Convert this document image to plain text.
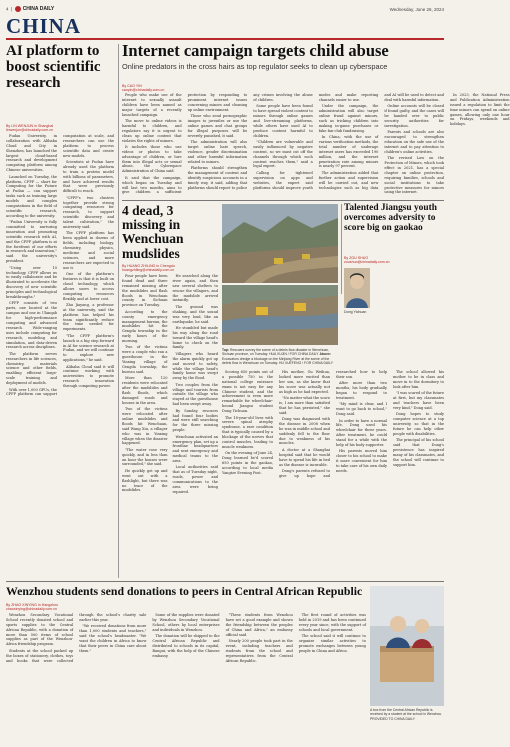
4  |  CHINA DAILY	Wednesday, June 26, 2024
CHINA
AI platform to boost scientific research
By LIN WENJUN in Shanghai
linwenjun@chinadaily.com.cn

Fudan University, in collaboration with Alibaba Cloud and City in Shenzhen, has launched the largest cloud-based research and development computing platform among Chinese universities.

Launched on Tuesday, the platform, CFFF — short for Computing for the Future at Fudan — can support tasks such as training large models and complex computations in the field of scientific research, according to the university.

"Fudan University is fully committed to nurturing innovation and promoting scientific research with AI, and the CFFF platform is at the forefront of our efforts in research and innovation," said the university's president.

"Using over 10 technology, CFFF allows us to easily collaborate and be illustrated to accelerate the discovery of new scientific principles and technological breakthroughs."

CFFF consists of two parts, one located at the campus and one in Ulanqab for high-performance computing and advanced research. Wide-ranging uses include computing for research, modeling and simulation, and data-driven research across disciplines.

The platform serves researchers in life sciences, chemistry, materials science and other fields, enabling efficient large-scale training and deployment of models.

With over 1,000 GPUs, the CFFF platform can support computation at scale, and researchers can use the platform to process scientific data and create new models.

Scientists at Fudan have already used the platform to train a protein model with billions of parameters, and have achieved results that were previously difficult to reach.

"CFFF's two clusters together provide strong computing resources for research, to support scientific discovery and talent cultivation," the university said.

The CFFF platform has been applied in dozens of fields, including biology, chemistry, physics, medicine and social sciences, and more researchers are expected to use it.

One of the platform's features is that it is built on cloud technology, which allows users to access computing resources flexibly and at lower cost.

Zhu Jiayang, a professor at the university, said the platform has helped his team significantly reduce the time needed for experiments.

"The CFFF platform's launch is a big step forward in AI for science research at Fudan, and we will continue to explore new applications," he said.

Alibaba Cloud said it will continue working with universities to promote research innovation through computing power.

Internet campaign targets child abuse
Online predators in the cross hairs as top regulator seeks to clean up cyberspace
By CAO YIN
caoyin@chinadaily.com.cn

People who make use of the internet to sexually assault children have been named as major targets of a recently launched campaign.

The move to online videos is harmful to children, and regulators say it is urgent to clean up online content that violates the rights of minors.

It includes those who use videos or photos to take advantage of children, or lure them into illegal acts or sexual abuse, the Cyberspace Administration of China said.

It said that the campaign, which began on Tuesday and will last two months, aims to give children a sufficient protection by responding to prominent internet issues concerning minors and cleaning up online environment.

Those who send pornographic images to juveniles or use the online games and chat groups for illegal purposes will be severely punished, it said.

The administration will also target online hate speech, violence, gender discrimination and other harmful information related to minors.

Platforms should strengthen the management of content and identify suspicious accounts in a timely way, it said, adding that platforms should report to police any crimes involving the abuse of children.

Some people have been found to have spread violent content to minors through online games and live-streaming platforms, while others have used AI to produce content harmful to children.

"Children are vulnerable and easily influenced by negative content, so we must cut off the channels through which such content reaches them," said a legal expert.

Calling for tightened supervision on apps and websites, the expert said platforms should improve youth modes and make reporting channels easier to use.

Under the campaign, the administration will also target online fraud against minors, such as tricking children into making in-game purchases or fake fan-club fundraising.

In China, with the use of various verification methods, the total number of underage internet users has exceeded 190 million, and the internet penetration rate among minors is nearly 97 percent.

The administration added that further action and supervision will be carried out, and new technologies such as big data and AI will be used to detect and deal with harmful information.

Online accounts will be closed if found guilty, and the cases will be handed over to public security authorities for investigation.

Parents and schools are also encouraged to strengthen education on the safe use of the internet and to pay attention to children's online activities.

The revised Law on the Protection of Minors, which took effect in 2021, has a special chapter on online protection, requiring families, schools and social institutions to take protective measures for minors using the internet.

In 2023, the National Press and Publication Administration issued a regulation to limit the time minors can spend on online games, allowing only one hour on Fridays, weekends and holidays.

4 dead, 3 missing in Wenchuan mudslides
By HUANG ZHILING in Chengdu
huangzhiling@chinadaily.com.cn

Four people have been found dead and three remained missing after the mudslides and flash floods in Wenchuan county in Sichuan province on Tuesday.

According to the county emergency management bureau, the mudslides hit the Gengda township in the early hours of the morning.

Two of the victims were a couple who ran a guesthouse in the Yinxing village of Gengda township, the bureau said.

More than 120 residents were relocated after the mudslides and flash floods, which damaged roads and houses in the area.

Two of the victims were relocated after online mudslides and floods hit Wenchuan, said Wang Xiu, a villager who was in Yinxing village when the disaster happened.

"The water rose very quickly, and in less than an hour the houses were surrounded," she said.

He quickly got up and went out with a flashlight, but there was no trace of the mudslides.

He searched along the river again, and then saw several shelters to rescue the villagers, and the mudslide arrived instantly.

The ground was shaking, and the sound was very loud, like an earthquake, he said.

He stumbled but made his way along the road toward the village head's home to check on the family.

Villagers who heard the alarm quickly got up and moved to safety, while the village head's family home was swept away by the flood.

Two couples from the village and tourists from outside the village who stayed at the guesthouse had been swept away.

By Sunday, rescuers had found four bodies and were still searching for the three missing people.

Wenchuan activated an emergency plan, set up a frontline headquarters and sent emergency and medical teams to the area.

Local authorities said that as of Tuesday night, roads, power and communications to the area were being repaired.

Top: Rescuers survey the scene of a debris flow disaster in Wenchuan, Sichuan province, on Tuesday. HUA XUJIN / FOR CHINA DAILY Above: Excavators dredge a blockage on the Minjiang River at the scene of the debris flow in Wenchuan on Tuesday. HU XUEFENG / FOR CHINA DAILY
Talented Jiangsu youth overcomes adversity to score big on gaokao
By ZOU SHUO
zoushuo@chinadaily.com.cn

Scoring 650 points out of a possible 750 in the national college entrance exam is not easy for any Chinese student, and the achievement is even more remarkable for wheelchair-bound Jiangsu student Dong Yichuan.

The 18-year-old lives with severe spinal atrophy syndrome, a rare condition that is typically caused by a blockage of the nerves that control muscles, leading to muscle weakness.

On the evening of June 24, Dong learned he'd scored 650 points in the gaokao, according to local media Yangtze Evening Post.

His mother, Gu Weihua, looked more excited than her son, as she knew that his score was actually not as high as he had expected.

"No matter what the score is, I am more than satisfied that he has persisted," she said.

Dong was diagnosed with the disease in 2008 when he was in middle school and suddenly fell to the floor due to weakness of his muscles.

A doctor at a Shanghai hospital said that he would have to spend his life in bed as the disease is incurable.

Dong's parents refused to give up hope and researched how to help their son.

After more than two months, his body gradually began to respond to treatment.

"My mind is clear, and I want to go back to school," Dong said.

In order to have a normal life, Dong used his wheelchair for three years. After treatment, he could stand for a while with the help of his body supporter.

His parents moved him closer to his school to make it more convenient for him to take care of his own daily needs.

The school allowed his mother to be in class and move in to the dormitory to look after him.

"I was scared of the future at first, but my classmates and teachers have been very kind," Dong said.

Dong hopes to study computer science at a top university, so that in the future he can help other people with disabilities.

The principal of his school said that Dong's persistence has inspired many of his classmates, and the school will continue to support him.

Dong Yichuan
Wenzhou students send donations to peers in Central African Republic
By ZHAO XINYING in Hangzhou
zhaoxinying@chinadaily.com.cn

Wenzhou Secondary Vocational School recently donated school and sports supplies to the Central African Republic, with a donation of more than 500 items of school supplies as part of the Wenzhou-Africa friendship program.

Students at the school packed up the boxes of stationery, clothes, toys and books that were collected through the school's charity sale earlier this year.

"We received donations from more than 1,000 students and teachers," said the school's headmaster. "We want the children in Africa to know that their peers in China care about them."

Some of the supplies were donated by Wenzhou Secondary Vocational School, others by local enterprises and individuals in Wenzhou.

The donation will be shipped to the Central African Republic and distributed to schools in its capital, Bangui, with the help of the Chinese embassy.

"These students from Wenzhou have set a good example and shown the friendship between the peoples of China and Africa," an embassy official said.

Nearly 200 people took part in the event, including teachers and students from the school and representatives from the Central African Republic.

The first round of activities was held in 2019 and has been continued every year since, with the support of schools and local government.

The school said it will continue to organize similar activities to promote exchanges between young people in China and Africa.

A box from the Central African Republic is received by a student at the school in Wenzhou. PROVIDED TO CHINA DAILY
